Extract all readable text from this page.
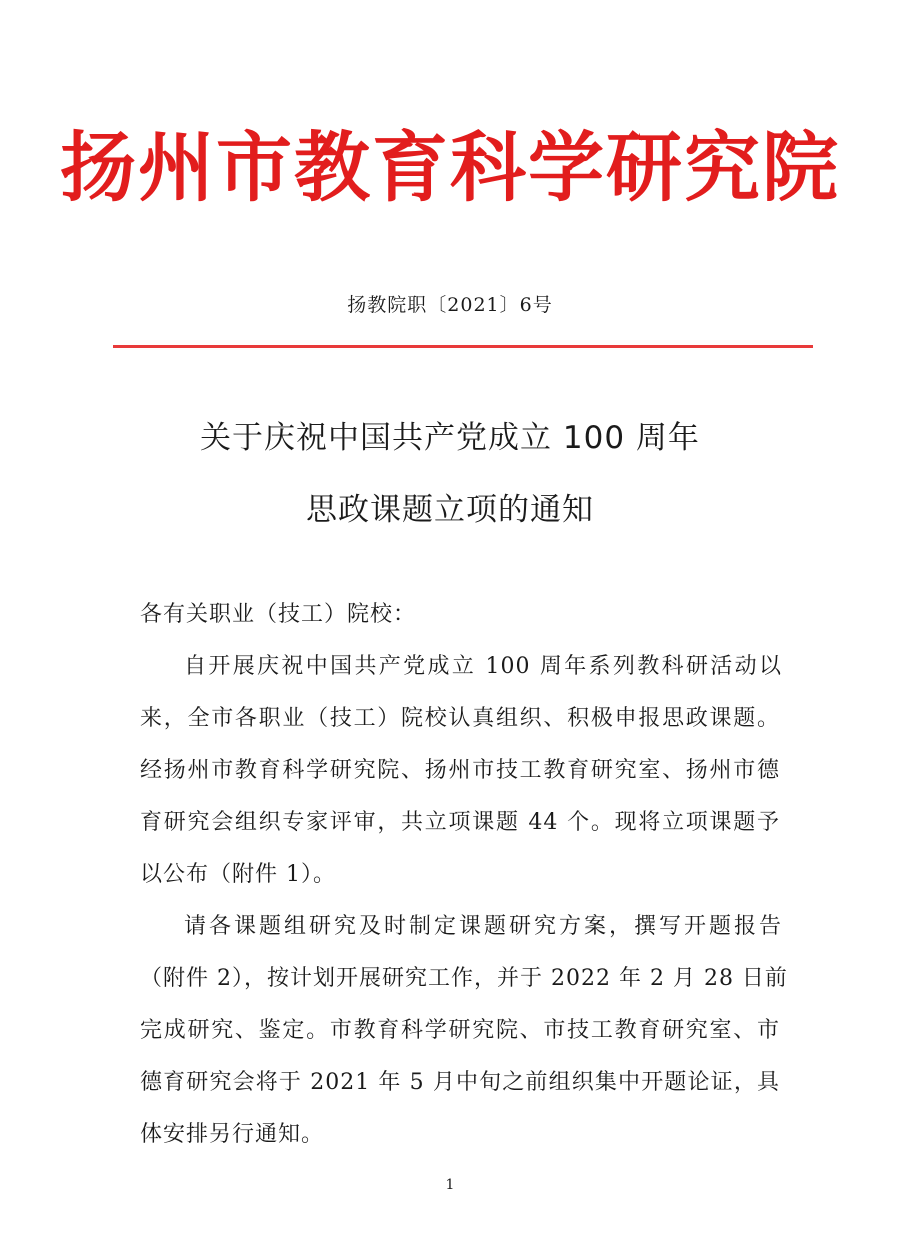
扬州市教育科学研究院
扬教院职〔2021〕6号
关于庆祝中国共产党成立 100 周年
思政课题立项的通知
各有关职业（技工）院校：
自开展庆祝中国共产党成立 100 周年系列教科研活动以
来，全市各职业（技工）院校认真组织、积极申报思政课题。
经扬州市教育科学研究院、扬州市技工教育研究室、扬州市德
育研究会组织专家评审，共立项课题 44 个。现将立项课题予
以公布（附件 1）。
请各课题组研究及时制定课题研究方案，撰写开题报告
（附件 2），按计划开展研究工作，并于 2022 年 2 月 28 日前
完成研究、鉴定。市教育科学研究院、市技工教育研究室、市
德育研究会将于 2021 年 5 月中旬之前组织集中开题论证，具
体安排另行通知。
1
